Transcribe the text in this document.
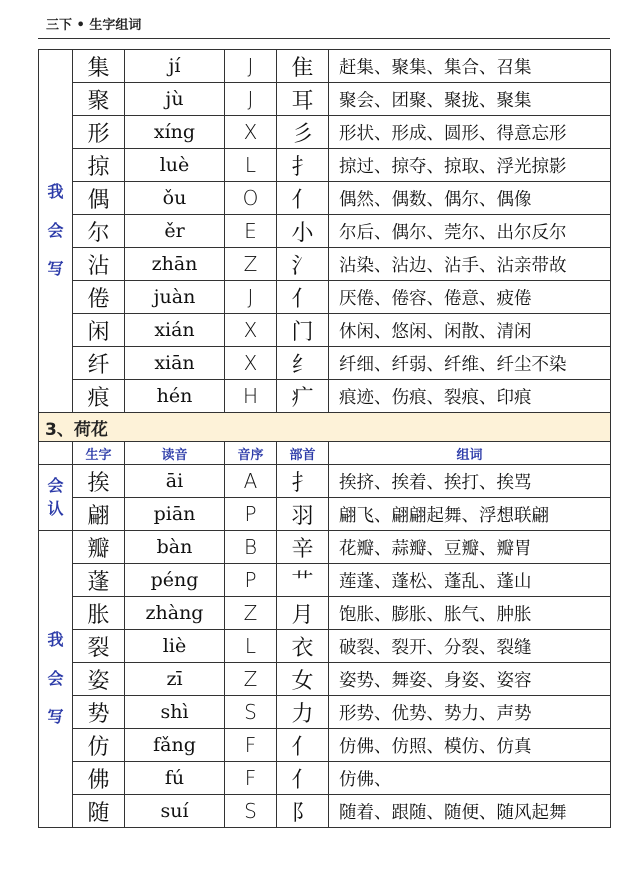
三下 • 生字组词
我
会
写	集	jí	J	隹	赶集、聚集、集合、召集
	聚	jù	J	耳	聚会、团聚、聚拢、聚集
	形	xíng	X	彡	形状、形成、圆形、得意忘形
	掠	luè	L	扌	掠过、掠夺、掠取、浮光掠影
	偶	ǒu	O	亻	偶然、偶数、偶尔、偶像
	尔	ěr	E	小	尔后、偶尔、莞尔、出尔反尔
	沾	zhān	Z	氵	沾染、沾边、沾手、沾亲带故
	倦	juàn	J	亻	厌倦、倦容、倦意、疲倦
	闲	xián	X	门	休闲、悠闲、闲散、清闲
	纤	xiān	X	纟	纤细、纤弱、纤维、纤尘不染
	痕	hén	H	疒	痕迹、伤痕、裂痕、印痕
3、荷花					

	生字	读音	音序	部首	组词

会
认	挨	āi	A	扌	挨挤、挨着、挨打、挨骂
	翩	piān	P	羽	翩飞、翩翩起舞、浮想联翩

我
会
写	瓣	bàn	B	辛	花瓣、蒜瓣、豆瓣、瓣胃
	蓬	péng	P	艹	莲蓬、蓬松、蓬乱、蓬山
	胀	zhàng	Z	月	饱胀、膨胀、胀气、肿胀
	裂	liè	L	衣	破裂、裂开、分裂、裂缝
	姿	zī	Z	女	姿势、舞姿、身姿、姿容
	势	shì	S	力	形势、优势、势力、声势
	仿	fǎng	F	亻	仿佛、仿照、模仿、仿真
	佛	fú	F	亻	仿佛、
	随	suí	S	阝	随着、跟随、随便、随风起舞
